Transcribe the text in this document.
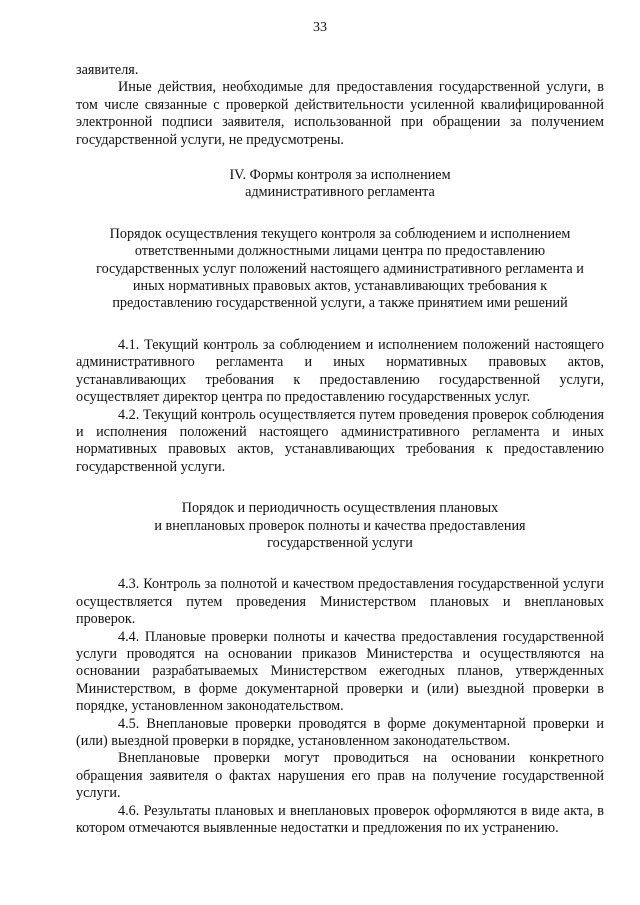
33

заявителя.

Иные действия, необходимые для предоставления государственной услуги, в том числе связанные с проверкой действительности усиленной квалифицированной электронной подписи заявителя, использованной при обращении за получением государственной услуги, не предусмотрены.

IV. Формы контроля за исполнением
административного регламента
Порядок осуществления текущего контроля за соблюдением и исполнением
ответственными должностными лицами центра по предоставлению
государственных услуг положений настоящего административного регламента и
иных нормативных правовых актов, устанавливающих требования к
предоставлению государственной услуги, а также принятием ими решений

4.1. Текущий контроль за соблюдением и исполнением положений настоящего административного регламента и иных нормативных правовых актов, устанавливающих требования к предоставлению государственной услуги, осуществляет директор центра по предоставлению государственных услуг.

4.2. Текущий контроль осуществляется путем проведения проверок соблюдения и исполнения положений настоящего административного регламента и иных нормативных правовых актов, устанавливающих требования к предоставлению государственной услуги.

Порядок и периодичность осуществления плановых
и внеплановых проверок полноты и качества предоставления
государственной услуги

4.3. Контроль за полнотой и качеством предоставления государственной услуги осуществляется путем проведения Министерством плановых и внеплановых проверок.

4.4. Плановые проверки полноты и качества предоставления государственной услуги проводятся на основании приказов Министерства и осуществляются на основании разрабатываемых Министерством ежегодных планов, утвержденных Министерством, в форме документарной проверки и (или) выездной проверки в порядке, установленном законодательством.

4.5. Внеплановые проверки проводятся в форме документарной проверки и (или) выездной проверки в порядке, установленном законодательством.

Внеплановые проверки могут проводиться на основании конкретного обращения заявителя о фактах нарушения его прав на получение государственной услуги.

4.6. Результаты плановых и внеплановых проверок оформляются в виде акта, в котором отмечаются выявленные недостатки и предложения по их устранению.
